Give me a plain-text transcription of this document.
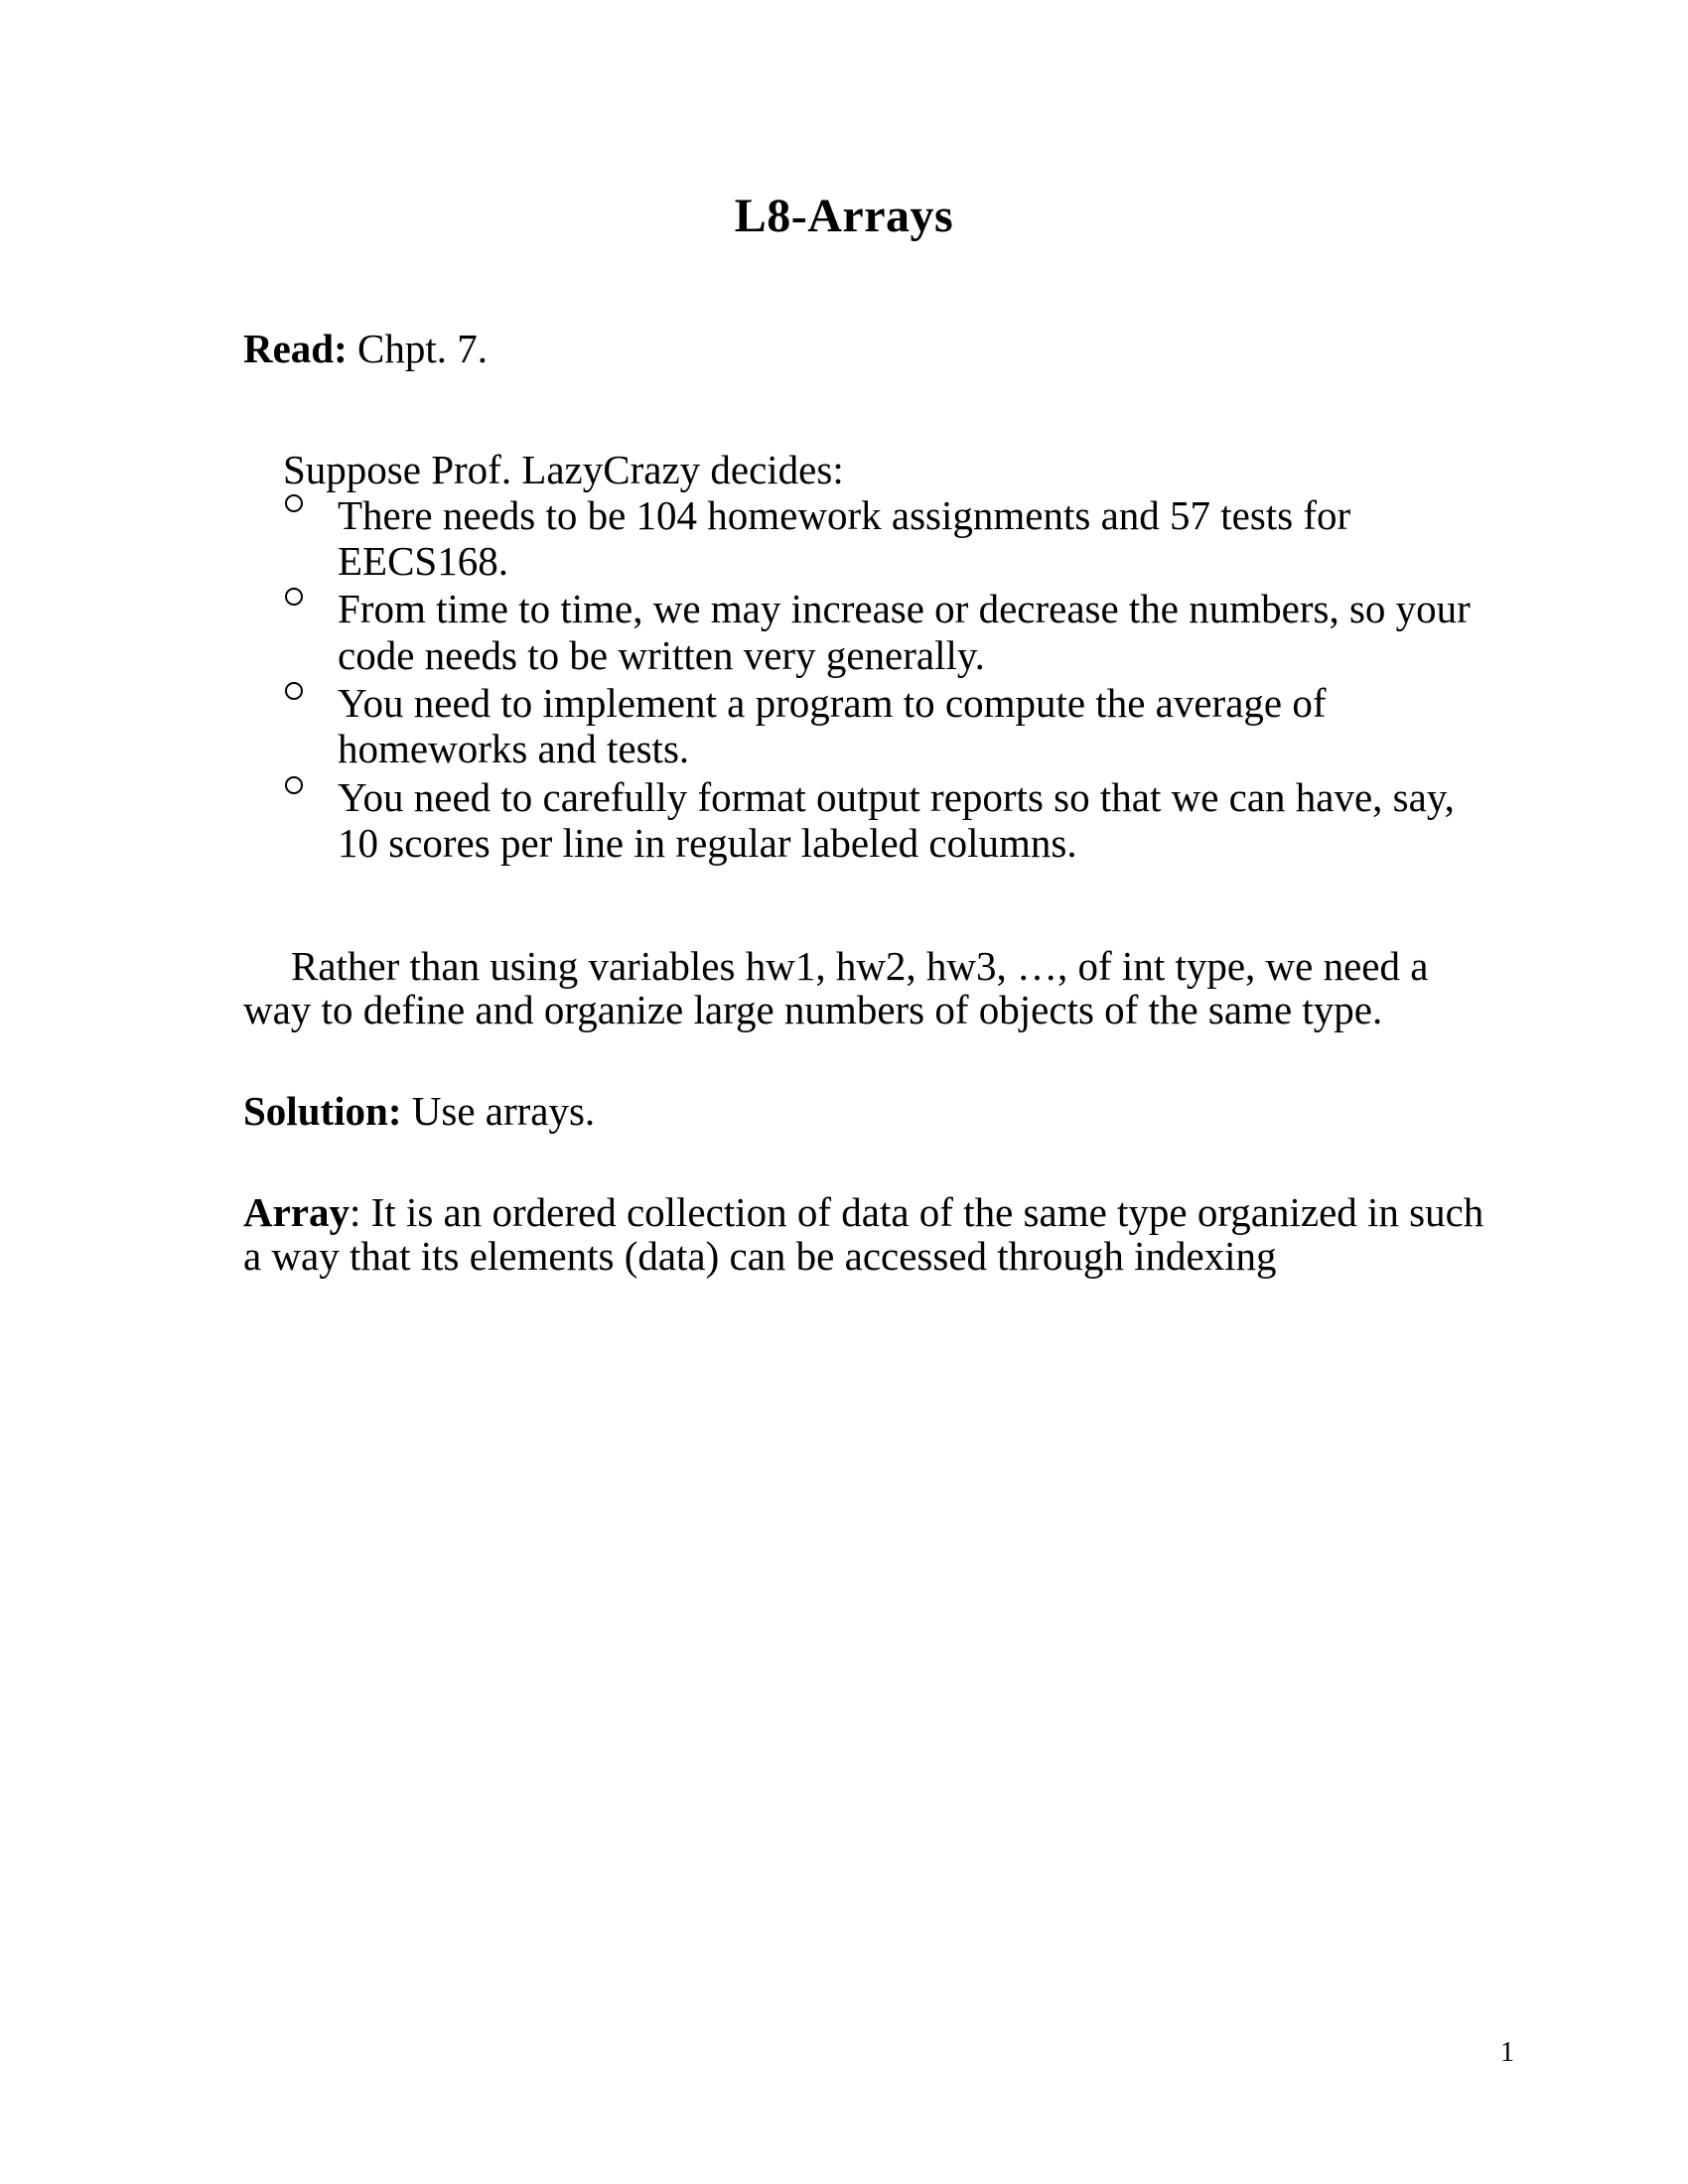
L8-Arrays

Read: Chpt. 7.

Suppose Prof. LazyCrazy decides:
There needs to be 104 homework assignments and 57 tests for EECS168.
From time to time, we may increase or decrease the numbers, so your code needs to be written very generally.
You need to implement a program to compute the average of homeworks and tests.
You need to carefully format output reports so that we can have, say, 10 scores per line in regular labeled columns.

Rather than using variables hw1, hw2, hw3, …, of int type, we need a way to define and organize large numbers of objects of the same type.

Solution: Use arrays.

Array: It is an ordered collection of data of the same type organized in such a way that its elements (data) can be accessed through indexing

1
